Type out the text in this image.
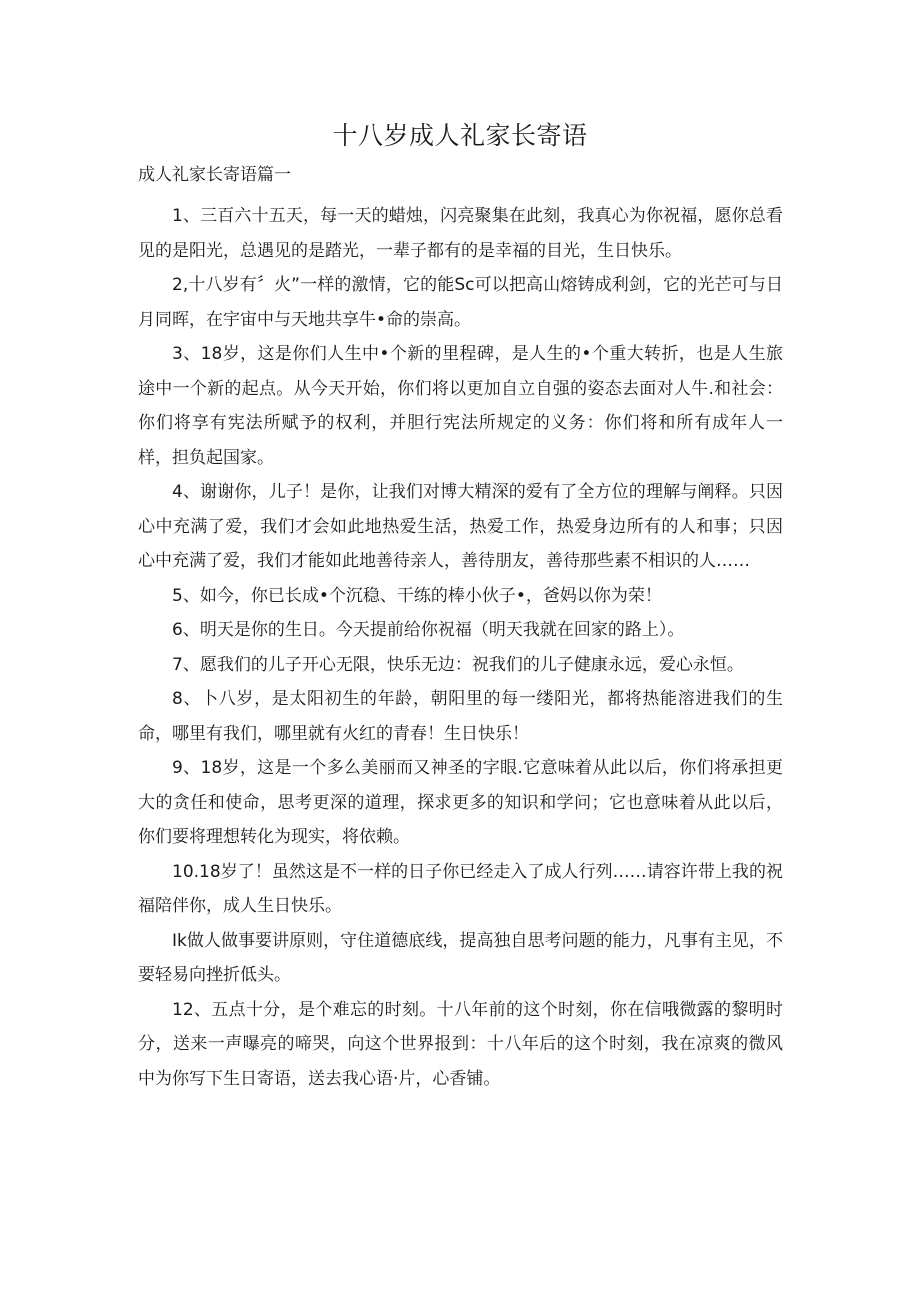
十八岁成人礼家长寄语

成人礼家长寄语篇一

1、三百六十五天，每一天的蜡烛，闪亮聚集在此刻，我真心为你祝福，愿你总看见的是阳光，总遇见的是踏光，一辈子都有的是幸福的目光，生日快乐。

2,十八岁有〞火”一样的激情，它的能Sc可以把高山熔铸成利剑，它的光芒可与日月同晖，在宇宙中与天地共享牛•命的崇高。

3、18岁，这是你们人生中•个新的里程碑，是人生的•个重大转折，也是人生旅途中一个新的起点。从今天开始，你们将以更加自立自强的姿态去面对人牛.和社会：你们将享有宪法所赋予的权利，并胆行宪法所规定的义务：你们将和所有成年人一样，担负起国家。

4、谢谢你，儿子！是你，让我们对博大精深的爱有了全方位的理解与阐释。只因心中充满了爱，我们才会如此地热爱生活，热爱工作，热爱身边所有的人和事；只因心中充满了爱，我们才能如此地善待亲人，善待朋友，善待那些素不相识的人……

5、如今，你已长成•个沉稳、干练的棒小伙子•，爸妈以你为荣！

6、明天是你的生日。今天提前给你祝福（明天我就在回家的路上）。

7、愿我们的儿子开心无限，快乐无边：祝我们的儿子健康永远，爱心永恒。

8、卜八岁，是太阳初生的年龄，朝阳里的每一缕阳光，都将热能溶进我们的生命，哪里有我们，哪里就有火红的青春！生日快乐！

9、18岁，这是一个多么美丽而又神圣的字眼.它意味着从此以后，你们将承担更大的贪任和使命，思考更深的道理，探求更多的知识和学问；它也意味着从此以后，你们要将理想转化为现实，将依赖。

10.18岁了！虽然这是不一样的日子你已经走入了成人行列……请容许带上我的祝福陪伴你，成人生日快乐。

Ik做人做事要讲原则，守住道德底线，提高独自思考问题的能力，凡事有主见，不要轻易向挫折低头。

12、五点十分，是个难忘的时刻。十八年前的这个时刻，你在信哦微露的黎明时分，送来一声曝亮的啼哭，向这个世界报到：十八年后的这个时刻，我在凉爽的微风中为你写下生日寄语，送去我心语·片，心香铺。
